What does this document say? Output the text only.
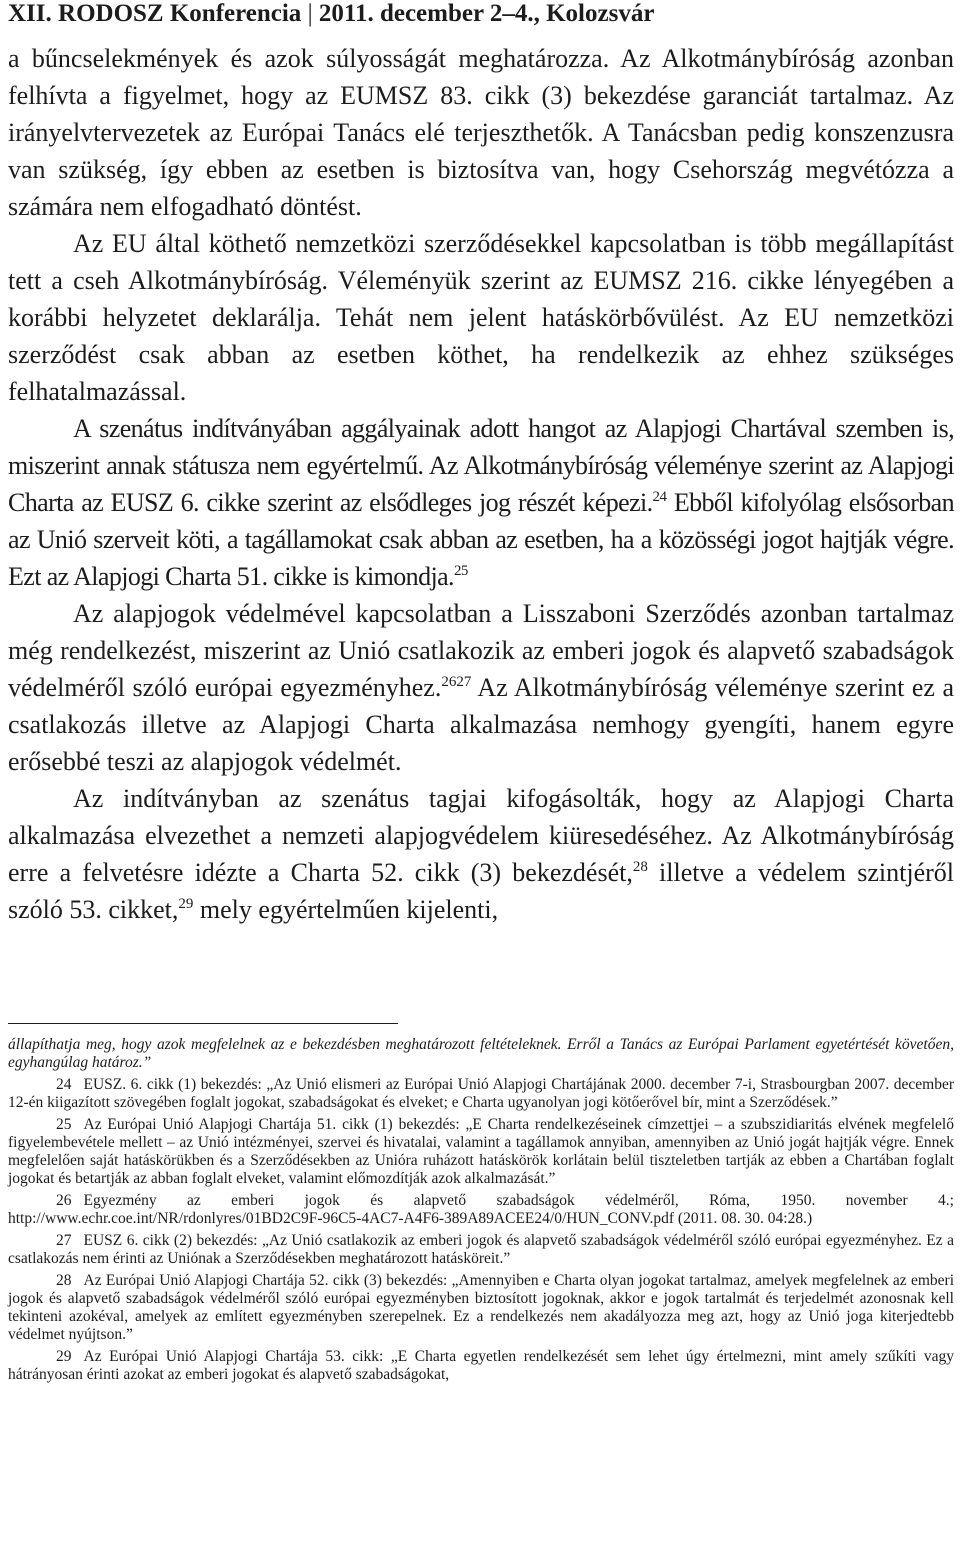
XII. RODOSZ Konferencia | 2011. december 2–4., Kolozsvár

a bűncselekmények és azok súlyosságát meghatározza. Az Alkotmánybíróság azonban felhívta a figyelmet, hogy az EUMSZ 83. cikk (3) bekezdése garanciát tartalmaz. Az irányelvtervezetek az Európai Tanács elé terjeszthetők. A Tanácsban pedig konszenzusra van szükség, így ebben az esetben is biztosítva van, hogy Csehország megvétózza a számára nem elfogadható döntést.

Az EU által köthető nemzetközi szerződésekkel kapcsolatban is több megállapítást tett a cseh Alkotmánybíróság. Véleményük szerint az EUMSZ 216. cikke lényegében a korábbi helyzetet deklarálja. Tehát nem jelent hatáskörbővülést. Az EU nemzetközi szerződést csak abban az esetben köthet, ha rendelkezik az ehhez szükséges felhatalmazással.

A szenátus indítványában aggályainak adott hangot az Alapjogi Chartával szemben is, miszerint annak státusza nem egyértelmű. Az Alkotmánybíróság véleménye szerint az Alapjogi Charta az EUSZ 6. cikke szerint az elsődleges jog részét képezi.$^{24}$ Ebből kifolyólag elsősorban az Unió szerveit köti, a tagállamokat csak abban az esetben, ha a közösségi jogot hajtják végre. Ezt az Alapjogi Charta 51. cikke is kimondja.$^{25}$

Az alapjogok védelmével kapcsolatban a Lisszaboni Szerződés azonban tartalmaz még rendelkezést, miszerint az Unió csatlakozik az emberi jogok és alapvető szabadságok védelméről szóló európai egyezményhez.$^{2627}$ Az Alkotmánybíróság véleménye szerint ez a csatlakozás illetve az Alapjogi Charta alkalmazása nemhogy gyengíti, hanem egyre erősebbé teszi az alapjogok védelmét.

Az indítványban az szenátus tagjai kifogásolták, hogy az Alapjogi Charta alkalmazása elvezethet a nemzeti alapjogvédelem kiüresedéséhez. Az Alkotmánybíróság erre a felvetésre idézte a Charta 52. cikk (3) bekezdését,$^{28}$ illetve a védelem szintjéről szóló 53. cikket,$^{29}$ mely egyértelműen kijelenti,

állapíthatja meg, hogy azok megfelelnek az e bekezdésben meghatározott feltételeknek. Erről a Tanács az Európai Parlament egyetértését követően, egyhangúlag határoz.”

24 EUSZ. 6. cikk (1) bekezdés: „Az Unió elismeri az Európai Unió Alapjogi Chartájának 2000. december 7-i, Strasbourgban 2007. december 12-én kiigazított szövegében foglalt jogokat, szabadságokat és elveket; e Charta ugyanolyan jogi kötőerővel bír, mint a Szerződések.”

25 Az Európai Unió Alapjogi Chartája 51. cikk (1) bekezdés: „E Charta rendelkezéseinek címzettjei – a szubszidiaritás elvének megfelelő figyelembevétele mellett – az Unió intézményei, szervei és hivatalai, valamint a tagállamok annyiban, amennyiben az Unió jogát hajtják végre. Ennek megfelelően saját hatáskörükben és a Szerződésekben az Unióra ruházott hatáskörök korlátain belül tiszteletben tartják az ebben a Chartában foglalt jogokat és betartják az abban foglalt elveket, valamint előmozdítják azok alkalmazását.”

26 Egyezmény az emberi jogok és alapvető szabadságok védelméről, Róma, 1950. november 4.; http://www.echr.coe.int/NR/rdonlyres/01BD2C9F-96C5-4AC7-A4F6-389A89ACEE24/0/HUN_CONV.pdf (2011. 08. 30. 04:28.)

27 EUSZ 6. cikk (2) bekezdés: „Az Unió csatlakozik az emberi jogok és alapvető szabadságok védelméről szóló európai egyezményhez. Ez a csatlakozás nem érinti az Uniónak a Szerződésekben meghatározott hatásköreit.”

28 Az Európai Unió Alapjogi Chartája 52. cikk (3) bekezdés: „Amennyiben e Charta olyan jogokat tartalmaz, amelyek megfelelnek az emberi jogok és alapvető szabadságok védelméről szóló európai egyezményben biztosított jogoknak, akkor e jogok tartalmát és terjedelmét azonosnak kell tekinteni azokéval, amelyek az említett egyezményben szerepelnek. Ez a rendelkezés nem akadályozza meg azt, hogy az Unió joga kiterjedtebb védelmet nyújtson.”

29 Az Európai Unió Alapjogi Chartája 53. cikk: „E Charta egyetlen rendelkezését sem lehet úgy értelmezni, mint amely szűkíti vagy hátrányosan érinti azokat az emberi jogokat és alapvető szabadságokat,
